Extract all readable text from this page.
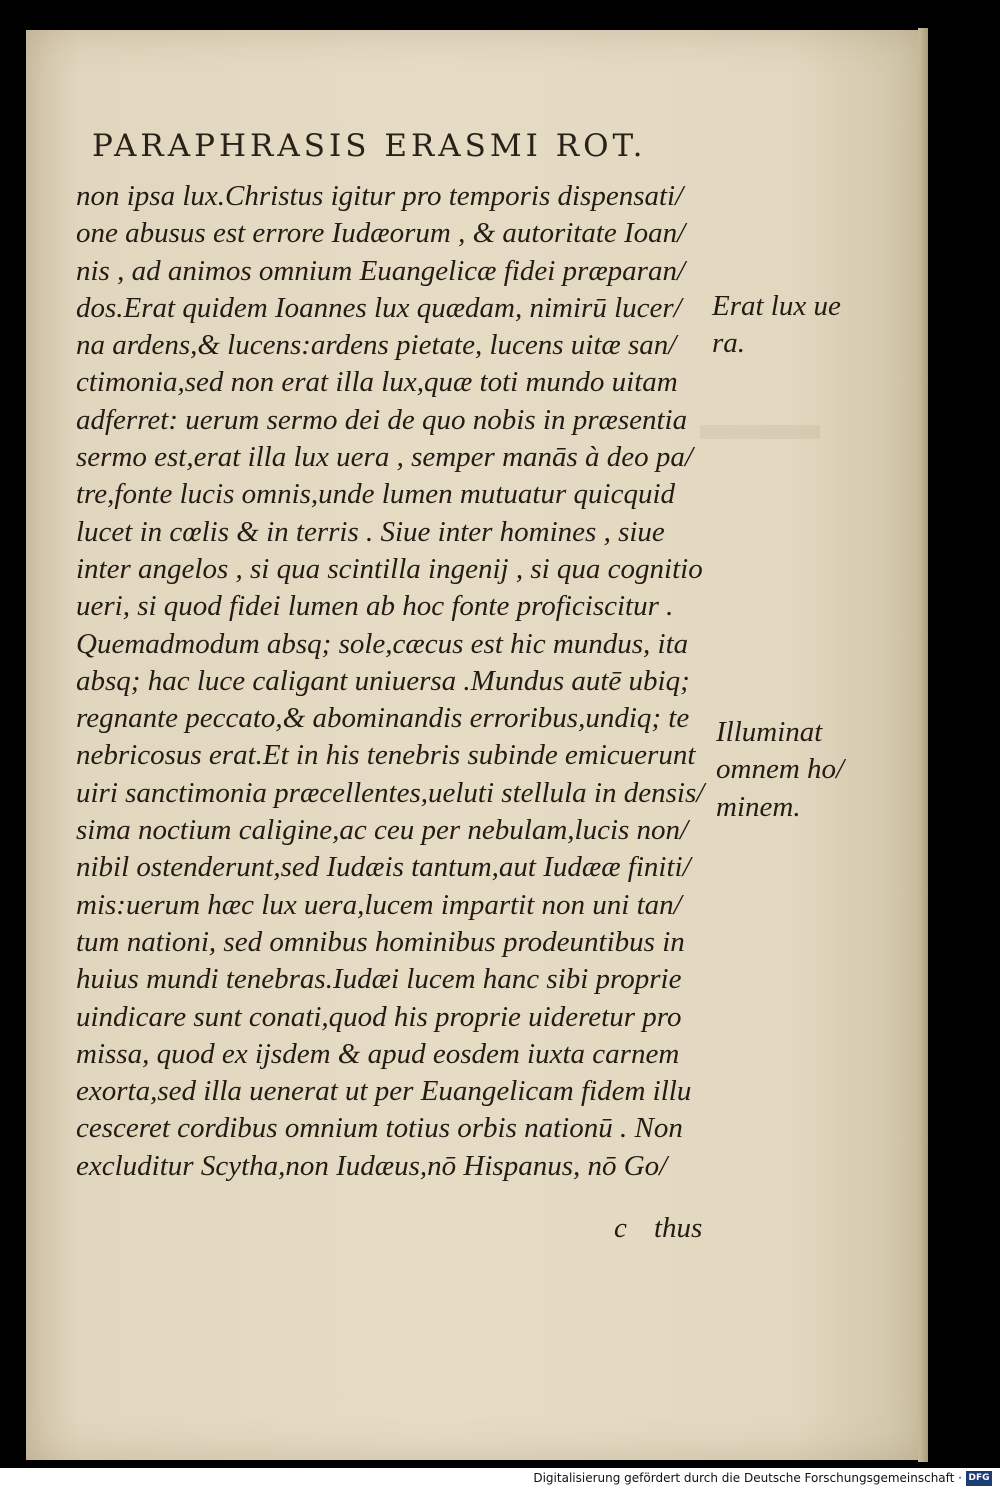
PARAPHRASIS ERASMI ROT.
non ipsa lux.Christus igitur pro temporis dispensati/
one abusus est errore Iudæorum , & autoritate Ioan/
nis , ad animos omnium Euangelicæ fidei præparan/
dos.Erat quidem Ioannes lux quædam, nimirū lucer/
na ardens,& lucens:ardens pietate, lucens uitæ san/
ctimonia,sed non erat illa lux,quæ toti mundo uitam
adferret: uerum sermo dei de quo nobis in præsentia
sermo est,erat illa lux uera , semper manās à deo pa/
tre,fonte lucis omnis,unde lumen mutuatur quicquid
lucet in cœlis & in terris . Siue inter homines , siue
inter angelos , si qua scintilla ingenij , si qua cognitio
ueri, si quod fidei lumen ab hoc fonte proficiscitur .
Quemadmodum absq; sole,cæcus est hic mundus, ita
absq; hac luce caligant uniuersa .Mundus autē ubiq;
regnante peccato,& abominandis erroribus,undiq; te
nebricosus erat.Et in his tenebris subinde emicuerunt
uiri sanctimonia præcellentes,ueluti stellula in densis/
sima noctium caligine,ac ceu per nebulam,lucis non/
nibil ostenderunt,sed Iudæis tantum,aut Iudææ finiti/
mis:uerum hæc lux uera,lucem impartit non uni tan/
tum nationi, sed omnibus hominibus prodeuntibus in
huius mundi tenebras.Iudæi lucem hanc sibi proprie
uindicare sunt conati,quod his proprie uideretur pro
missa, quod ex ijsdem & apud eosdem iuxta carnem
exorta,sed illa uenerat ut per Euangelicam fidem illu
cesceret cordibus omnium totius orbis nationū . Non
excluditur Scytha,non Iudæus,nō Hispanus, nō Go/
Erat lux ue
ra.
Illuminat
omnem ho/
minem.
c thus
Digitalisierung gefördert durch die Deutsche Forschungsgemeinschaft · DFG
